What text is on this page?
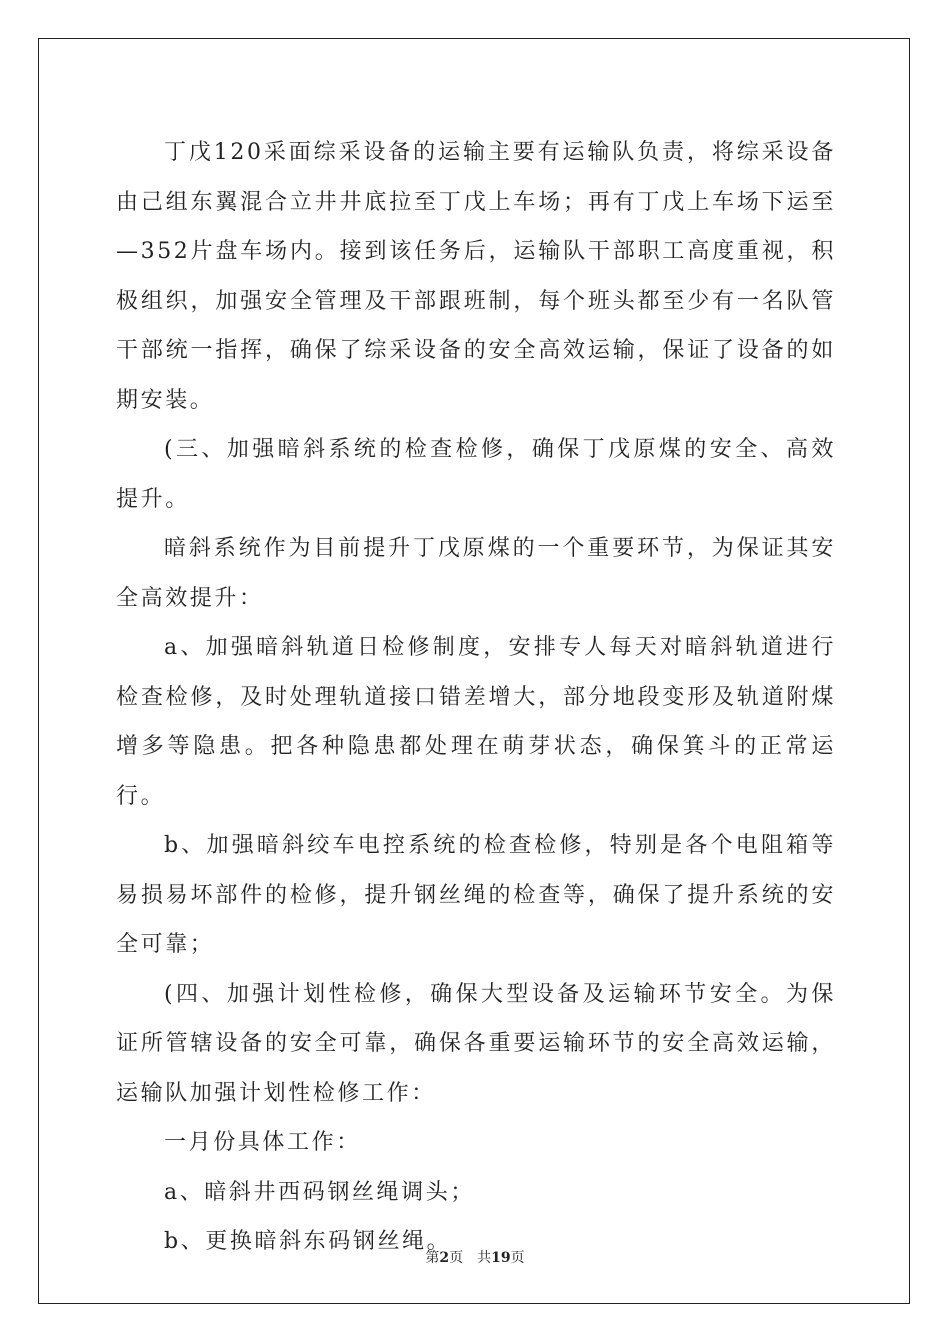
丁戊120采面综采设备的运输主要有运输队负责，将综采设备由己组东翼混合立井井底拉至丁戊上车场；再有丁戊上车场下运至—352片盘车场内。接到该任务后，运输队干部职工高度重视，积极组织，加强安全管理及干部跟班制，每个班头都至少有一名队管干部统一指挥，确保了综采设备的安全高效运输，保证了设备的如期安装。

(三、加强暗斜系统的检查检修，确保丁戊原煤的安全、高效提升。

暗斜系统作为目前提升丁戊原煤的一个重要环节，为保证其安全高效提升：

a、加强暗斜轨道日检修制度，安排专人每天对暗斜轨道进行检查检修，及时处理轨道接口错差增大，部分地段变形及轨道附煤增多等隐患。把各种隐患都处理在萌芽状态，确保箕斗的正常运行。

b、加强暗斜绞车电控系统的检查检修，特别是各个电阻箱等易损易坏部件的检修，提升钢丝绳的检查等，确保了提升系统的安全可靠；

(四、加强计划性检修，确保大型设备及运输环节安全。为保证所管辖设备的安全可靠，确保各重要运输环节的安全高效运输，运输队加强计划性检修工作：

一月份具体工作：

a、暗斜井西码钢丝绳调头；

b、更换暗斜东码钢丝绳。

第2页 共19页
